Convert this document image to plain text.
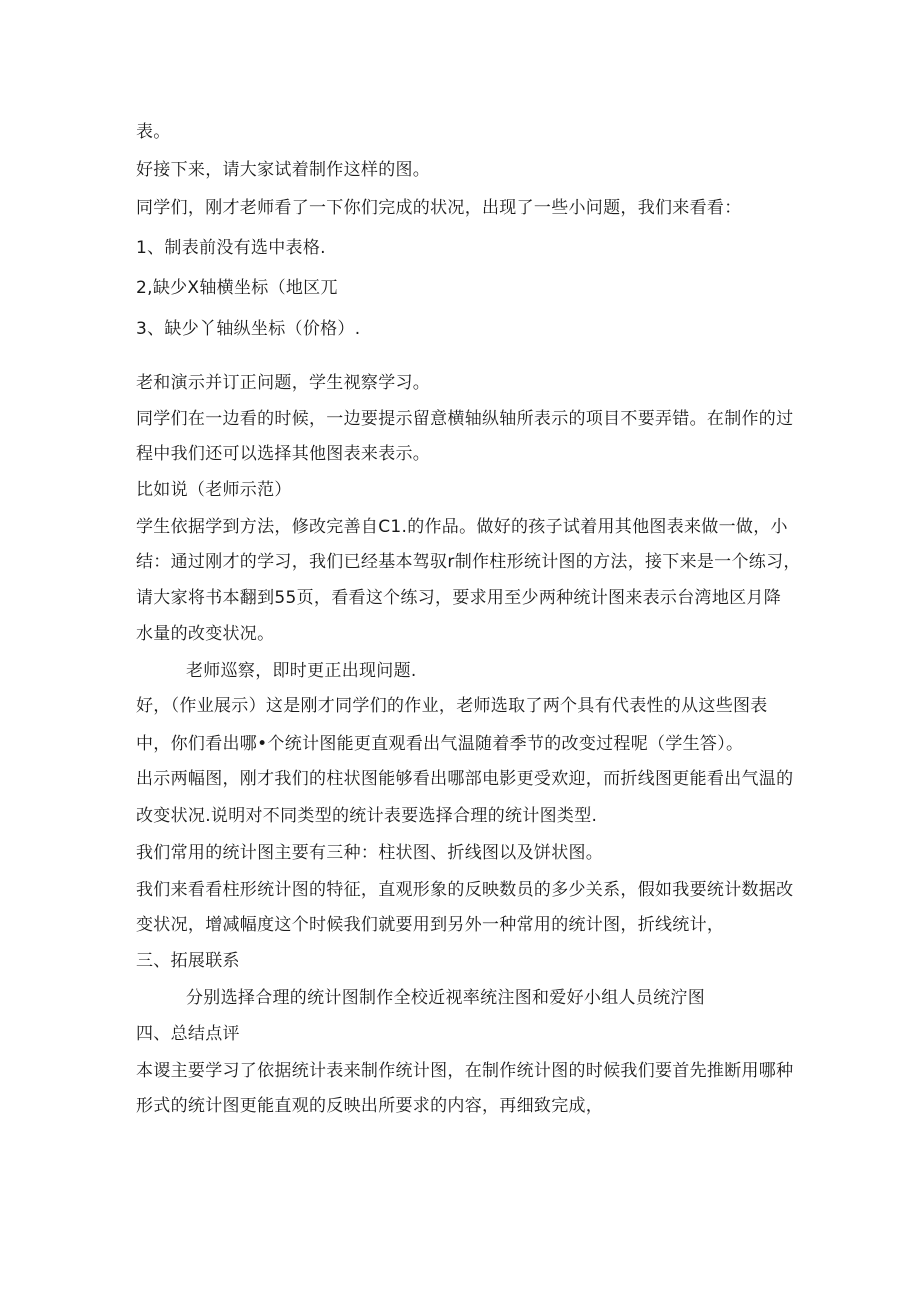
表。
好接下来，请大家试着制作这样的图。
同学们，刚才老师看了一下你们完成的状况，出现了一些小问题，我们来看看：
1、制表前没有选中表格.
2,缺少X轴横坐标（地区兀
3、缺少丫轴纵坐标（价格）.
老和演示并订正问题，学生视察学习。
同学们在一边看的时候，一边要提示留意横轴纵轴所表示的项目不要弄错。在制作的过
程中我们还可以选择其他图表来表示。
比如说（老师示范）
学生依据学到方法，修改完善自C1.的作品。做好的孩子试着用其他图表来做一做，小
结：通过刚才的学习，我们已经基本驾驭r制作柱形统计图的方法，接下来是一个练习，
请大家将书本翻到55页，看看这个练习，要求用至少两种统计图来表示台湾地区月降
水量的改变状况。
老师巡察，即时更正出现问题.
好，（作业展示）这是刚才同学们的作业，老师选取了两个具有代表性的从这些图表
中，你们看出哪•个统计图能更直观看出气温随着季节的改变过程呢（学生答）。
出示两幅图，刚才我们的柱状图能够看出哪部电影更受欢迎，而折线图更能看出气温的
改变状况.说明对不同类型的统计表要选择合理的统计图类型.
我们常用的统计图主要有三种：柱状图、折线图以及饼状图。
我们来看看柱形统计图的特征，直观形象的反映数员的多少关系，假如我要统计数据改
变状况，增减幅度这个时候我们就要用到另外一种常用的统计图，折线统计，
三、拓展联系
分别选择合理的统计图制作全校近视率统注图和爱好小组人员统泞图
四、总结点评
本谡主要学习了依据统计表来制作统计图，在制作统计图的时候我们要首先推断用哪种
形式的统计图更能直观的反映出所要求的内容，再细致完成，
